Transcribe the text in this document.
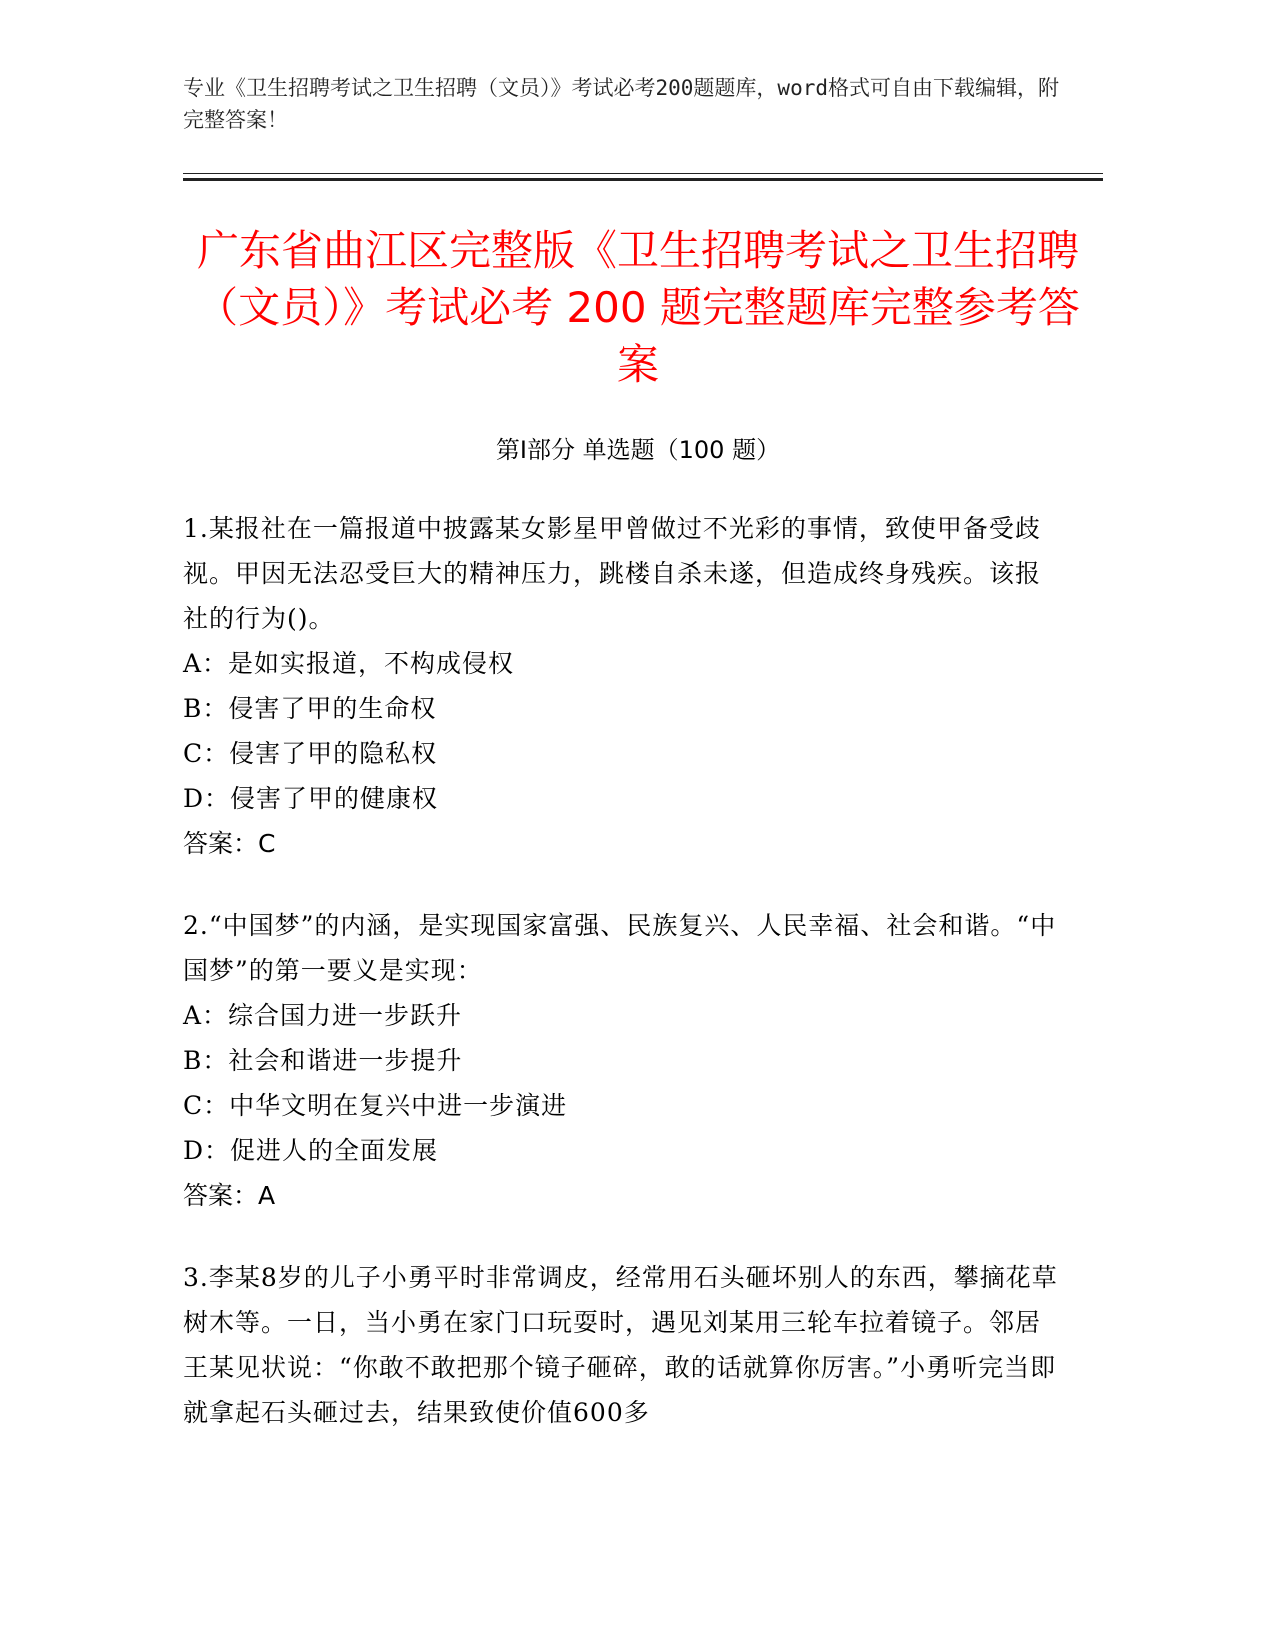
专业《卫生招聘考试之卫生招聘（文员）》考试必考200题题库，word格式可自由下载编辑，附完整答案！
广东省曲江区完整版《卫生招聘考试之卫生招聘（文员）》考试必考 200 题完整题库完整参考答案
第Ⅰ部分 单选题（100 题）
1.某报社在一篇报道中披露某女影星甲曾做过不光彩的事情，致使甲备受歧视。甲因无法忍受巨大的精神压力，跳楼自杀未遂，但造成终身残疾。该报社的行为()。
A：是如实报道，不构成侵权
B：侵害了甲的生命权
C：侵害了甲的隐私权
D：侵害了甲的健康权
答案：C
2.“中国梦”的内涵，是实现国家富强、民族复兴、人民幸福、社会和谐。“中国梦”的第一要义是实现：
A：综合国力进一步跃升
B：社会和谐进一步提升
C：中华文明在复兴中进一步演进
D：促进人的全面发展
答案：A
3.李某8岁的儿子小勇平时非常调皮，经常用石头砸坏别人的东西，攀摘花草树木等。一日，当小勇在家门口玩耍时，遇见刘某用三轮车拉着镜子。邻居王某见状说：“你敢不敢把那个镜子砸碎，敢的话就算你厉害。”小勇听完当即就拿起石头砸过去，结果致使价值600多
